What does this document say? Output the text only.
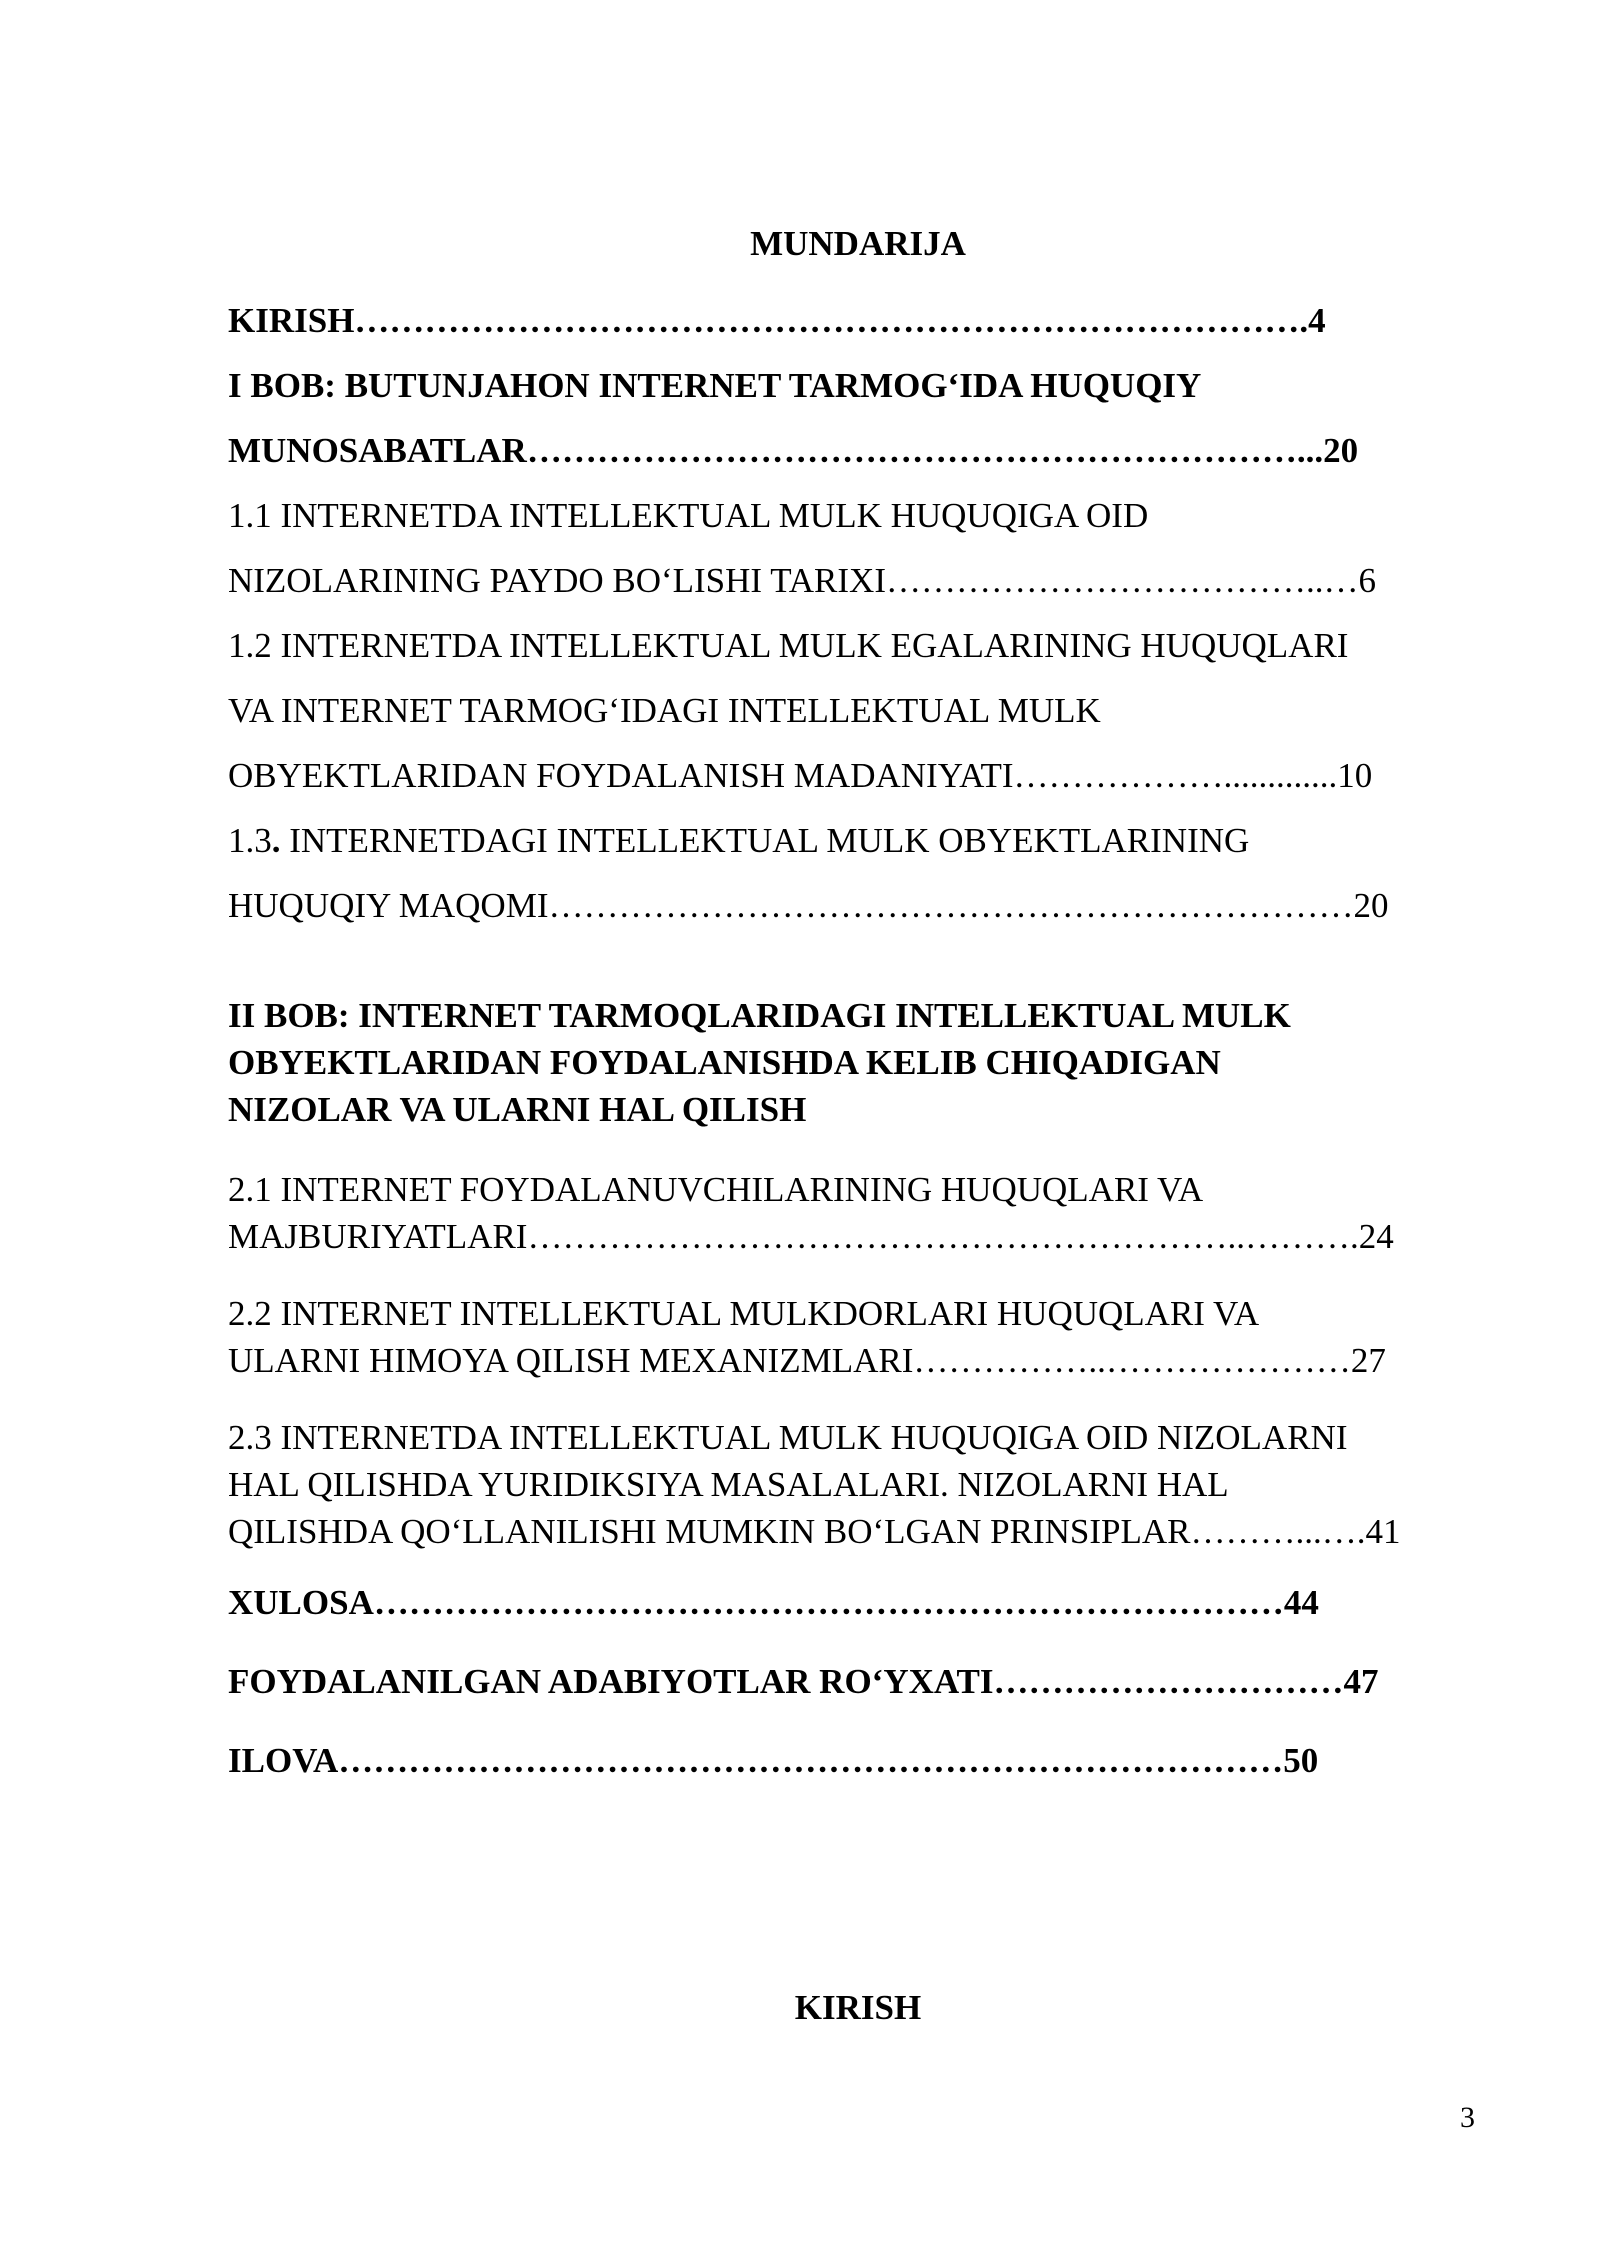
MUNDARIJA
KIRISH……………………………………………………………………….4
I BOB: BUTUNJAHON INTERNET TARMOG‘IDA HUQUQIY
MUNOSABATLAR…………………………………………………………...20
1.1 INTERNETDA INTELLEKTUAL MULK HUQUQIGA OID
NIZOLARINING PAYDO BO‘LISHI TARIXI………………………………..…6
1.2 INTERNETDA INTELLEKTUAL MULK EGALARINING HUQUQLARI
VA INTERNET TARMOG‘IDAGI INTELLEKTUAL MULK
OBYEKTLARIDAN FOYDALANISH MADANIYATI……………….............10
1.3. INTERNETDAGI INTELLEKTUAL MULK OBYEKTLARINING
HUQUQIY MAQOMI……………………………………………………………20
II BOB: INTERNET TARMOQLARIDAGI INTELLEKTUAL MULK
OBYEKTLARIDAN FOYDALANISHDA KELIB CHIQADIGAN
NIZOLAR VA ULARNI HAL QILISH
2.1 INTERNET FOYDALANUVCHILARINING HUQUQLARI VA
MAJBURIYATLARI……………………………………………………..……….24
2.2 INTERNET INTELLEKTUAL MULKDORLARI HUQUQLARI VA
ULARNI HIMOYA QILISH MEXANIZMLARI……………..…………………27
2.3 INTERNETDA INTELLEKTUAL MULK HUQUQIGA OID NIZOLARNI
HAL QILISHDA YURIDIKSIYA MASALALARI. NIZOLARNI HAL
QILISHDA QO‘LLANILISHI MUMKIN BO‘LGAN PRINSIPLAR………...….41
XULOSA……………………………………………………………………44
FOYDALANILGAN ADABIYOTLAR RO‘YXATI…………………………47
ILOVA………………………………………………………………………50
KIRISH
3
